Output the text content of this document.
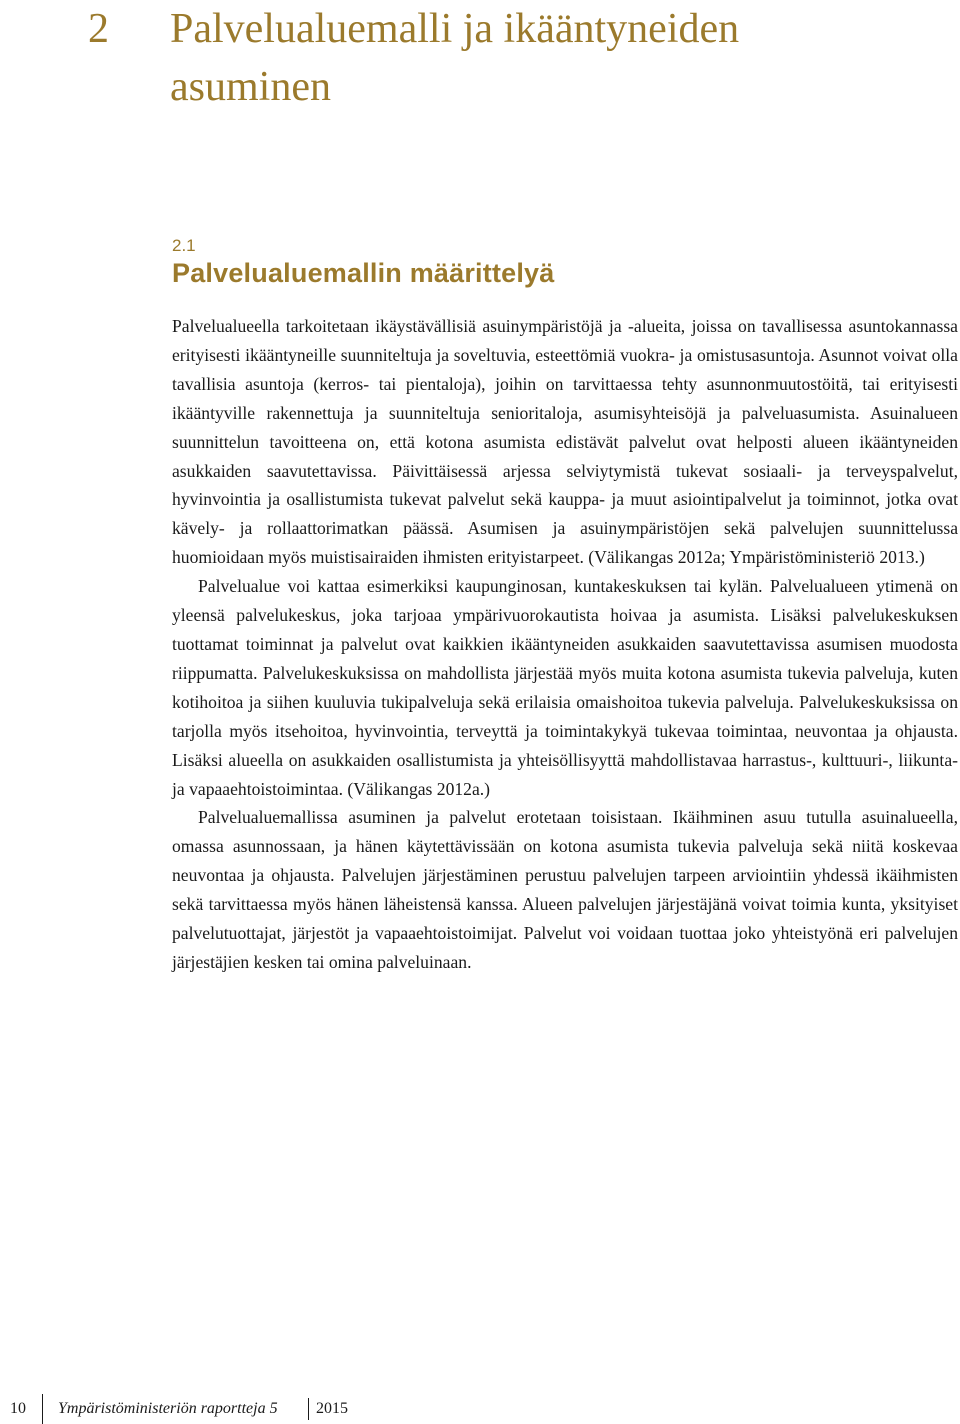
2 Palvelualuemalli ja ikääntyneiden asuminen
2.1
Palvelualuemallin määrittelyä

Palvelualueella tarkoitetaan ikäystävällisiä asuinympäristöjä ja -alueita, joissa on tavallisessa asuntokannassa erityisesti ikääntyneille suunniteltuja ja soveltuvia, esteettömiä vuokra- ja omistusasuntoja. Asunnot voivat olla tavallisia asuntoja (kerros- tai pientaloja), joihin on tarvittaessa tehty asunnonmuutostöitä, tai erityisesti ikääntyville rakennettuja ja suunniteltuja senioritaloja, asumisyhteisöjä ja palveluasumista. Asuinalueen suunnittelun tavoitteena on, että kotona asumista edistävät palvelut ovat helposti alueen ikääntyneiden asukkaiden saavutettavissa. Päivittäisessä arjessa selviytymistä tukevat sosiaali- ja terveyspalvelut, hyvinvointia ja osallistumista tukevat palvelut sekä kauppa- ja muut asiointipalvelut ja toiminnot, jotka ovat kävely- ja rollaattorimatkan päässä. Asumisen ja asuinympäristöjen sekä palvelujen suunnittelussa huomioidaan myös muistisairaiden ihmisten erityistarpeet. (Välikangas 2012a; Ympäristöministeriö 2013.)

Palvelualue voi kattaa esimerkiksi kaupunginosan, kuntakeskuksen tai kylän. Palvelualueen ytimenä on yleensä palvelukeskus, joka tarjoaa ympärivuorokautista hoivaa ja asumista. Lisäksi palvelukeskuksen tuottamat toiminnat ja palvelut ovat kaikkien ikääntyneiden asukkaiden saavutettavissa asumisen muodosta riippumatta. Palvelukeskuksissa on mahdollista järjestää myös muita kotona asumista tukevia palveluja, kuten kotihoitoa ja siihen kuuluvia tukipalveluja sekä erilaisia omaishoitoa tukevia palveluja. Palvelukeskuksissa on tarjolla myös itsehoitoa, hyvinvointia, terveyttä ja toimintakykyä tukevaa toimintaa, neuvontaa ja ohjausta. Lisäksi alueella on asukkaiden osallistumista ja yhteisöllisyyttä mahdollistavaa harrastus-, kulttuuri-, liikunta- ja vapaaehtoistoimintaa. (Välikangas 2012a.)

Palvelualuemallissa asuminen ja palvelut erotetaan toisistaan. Ikäihminen asuu tutulla asuinalueella, omassa asunnossaan, ja hänen käytettävissään on kotona asumista tukevia palveluja sekä niitä koskevaa neuvontaa ja ohjausta. Palvelujen järjestäminen perustuu palvelujen tarpeen arviointiin yhdessä ikäihmisten sekä tarvittaessa myös hänen läheistensä kanssa. Alueen palvelujen järjestäjänä voivat toimia kunta, yksityiset palvelutuottajat, järjestöt ja vapaaehtoistoimijat. Palvelut voi voidaan tuottaa joko yhteistyönä eri palvelujen järjestäjien kesken tai omina palveluinaan.

10 Ympäristöministeriön raportteja 5 2015
